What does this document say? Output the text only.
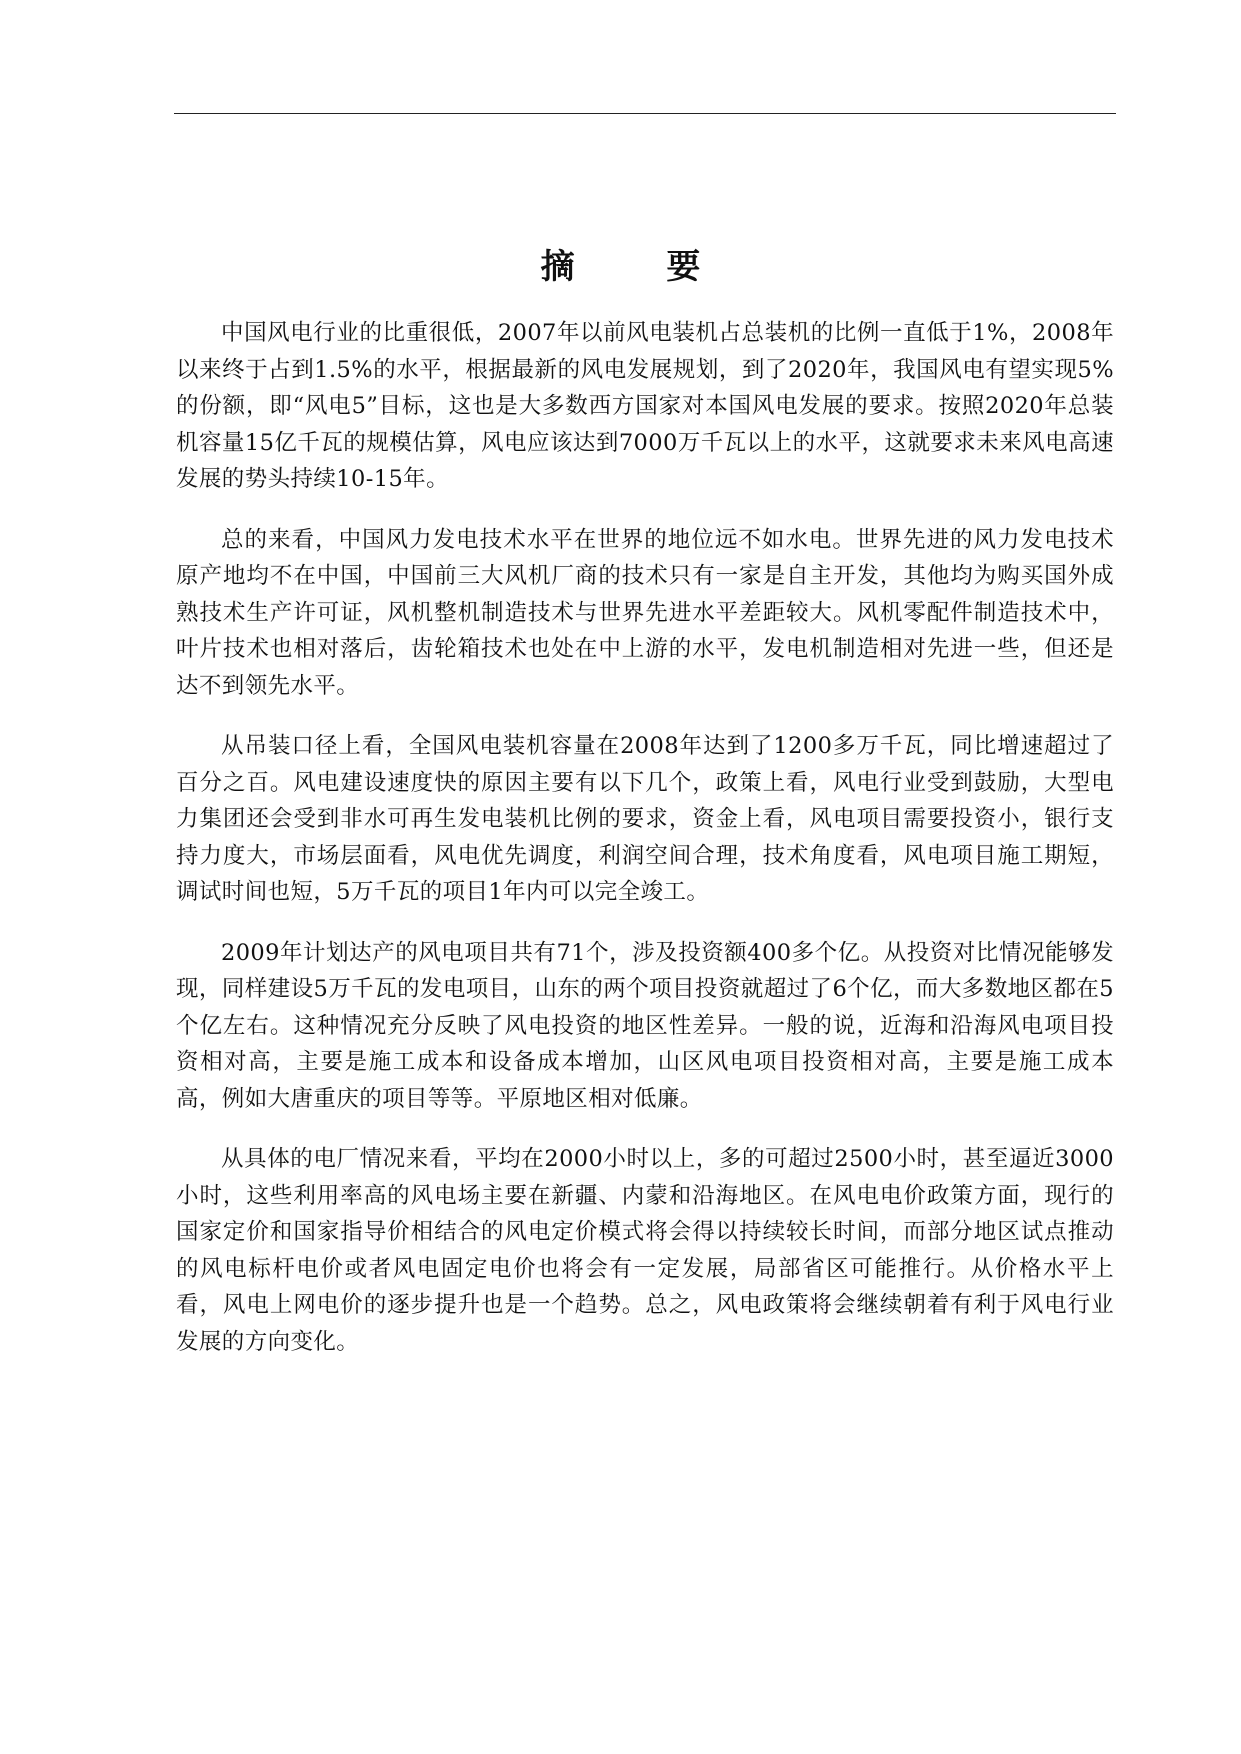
摘 要

中国风电行业的比重很低，2007年以前风电装机占总装机的比例一直低于1%，2008年以来终于占到1.5%的水平，根据最新的风电发展规划，到了2020年，我国风电有望实现5%的份额，即“风电5”目标，这也是大多数西方国家对本国风电发展的要求。按照2020年总装机容量15亿千瓦的规模估算，风电应该达到7000万千瓦以上的水平，这就要求未来风电高速发展的势头持续10-15年。

总的来看，中国风力发电技术水平在世界的地位远不如水电。世界先进的风力发电技术原产地均不在中国，中国前三大风机厂商的技术只有一家是自主开发，其他均为购买国外成熟技术生产许可证，风机整机制造技术与世界先进水平差距较大。风机零配件制造技术中，叶片技术也相对落后，齿轮箱技术也处在中上游的水平，发电机制造相对先进一些，但还是达不到领先水平。

从吊装口径上看，全国风电装机容量在2008年达到了1200多万千瓦，同比增速超过了百分之百。风电建设速度快的原因主要有以下几个，政策上看，风电行业受到鼓励，大型电力集团还会受到非水可再生发电装机比例的要求，资金上看，风电项目需要投资小，银行支持力度大，市场层面看，风电优先调度，利润空间合理，技术角度看，风电项目施工期短，调试时间也短，5万千瓦的项目1年内可以完全竣工。

2009年计划达产的风电项目共有71个，涉及投资额400多个亿。从投资对比情况能够发现，同样建设5万千瓦的发电项目，山东的两个项目投资就超过了6个亿，而大多数地区都在5个亿左右。这种情况充分反映了风电投资的地区性差异。一般的说，近海和沿海风电项目投资相对高，主要是施工成本和设备成本增加，山区风电项目投资相对高，主要是施工成本高，例如大唐重庆的项目等等。平原地区相对低廉。

从具体的电厂情况来看，平均在2000小时以上，多的可超过2500小时，甚至逼近3000小时，这些利用率高的风电场主要在新疆、内蒙和沿海地区。在风电电价政策方面，现行的国家定价和国家指导价相结合的风电定价模式将会得以持续较长时间，而部分地区试点推动的风电标杆电价或者风电固定电价也将会有一定发展，局部省区可能推行。从价格水平上看，风电上网电价的逐步提升也是一个趋势。总之，风电政策将会继续朝着有利于风电行业发展的方向变化。
